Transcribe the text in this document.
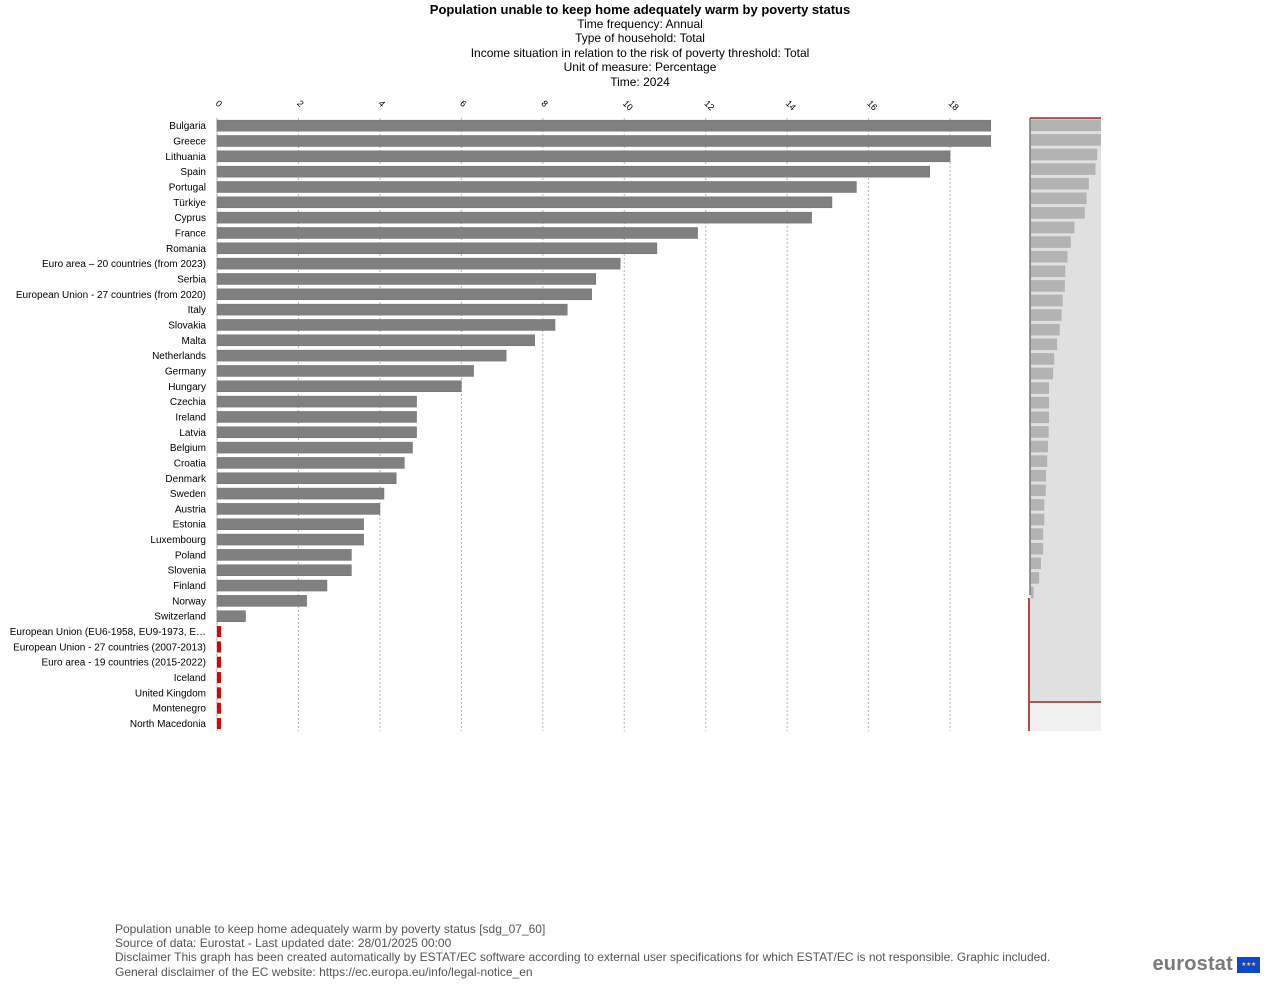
Population unable to keep home adequately warm by poverty status
Time frequency: Annual
Type of household: Total
Income situation in relation to the risk of poverty threshold: Total
Unit of measure: Percentage
Time: 2024
0	2	4	6	8	10	12	14	16	18
Bulgaria
Greece
Lithuania
Spain
Portugal
Türkiye
Cyprus
France
Romania
Euro area – 20 countries (from 2023)
Serbia
European Union - 27 countries (from 2020)
Italy
Slovakia
Malta
Netherlands
Germany
Hungary
Czechia
Ireland
Latvia
Belgium
Croatia
Denmark
Sweden
Austria
Estonia
Luxembourg
Poland
Slovenia
Finland
Norway
Switzerland
European Union (EU6-1958, EU9-1973, E…
European Union - 27 countries (2007-2013)
Euro area - 19 countries (2015-2022)
Iceland
United Kingdom
Montenegro
North Macedonia
Population unable to keep home adequately warm by poverty status [sdg_07_60]
Source of data: Eurostat - Last updated date: 28/01/2025 00:00
Disclaimer This graph has been created automatically by ESTAT/EC software according to external user specifications for which ESTAT/EC is not responsible. Graphic included.
General disclaimer of the EC website: https://ec.europa.eu/info/legal-notice_en	eurostat	★★★
